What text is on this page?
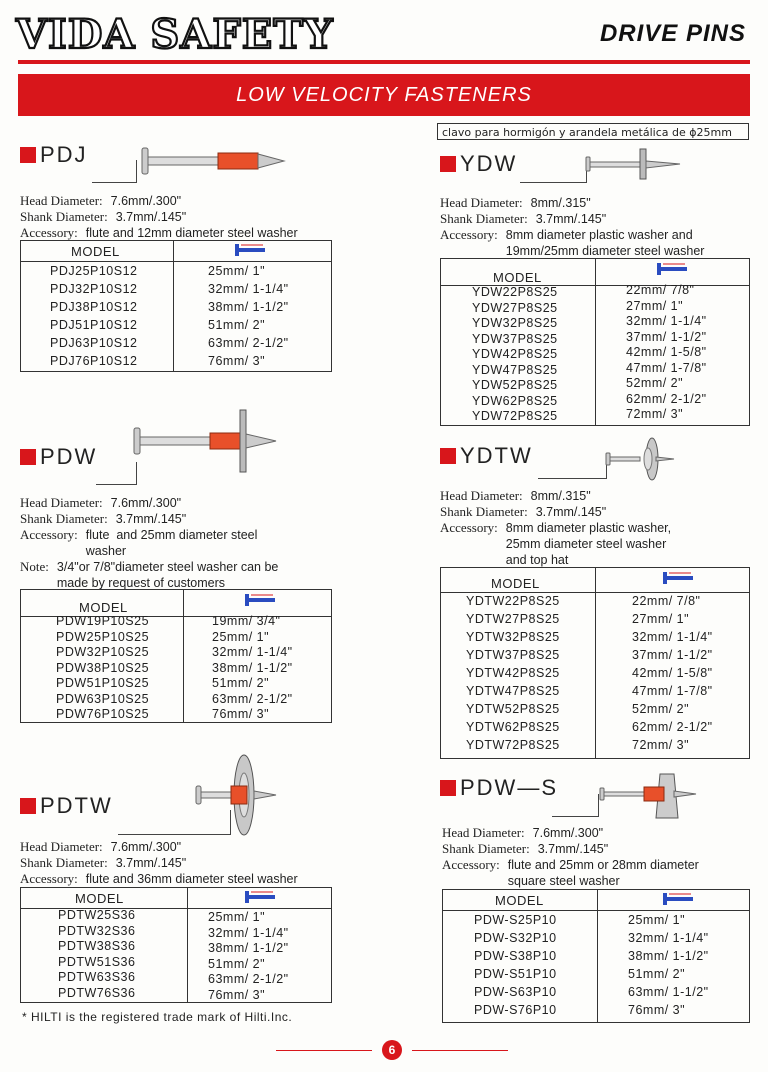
VIDA SAFETY	DRIVE PINS
LOW VELOCITY FASTENERS
clavo para hormigón y arandela metálica de ɸ25mm
PDJ
Head Diameter: 7.6mm/.300"
Shank Diameter: 3.7mm/.145"
Accessory: flute and 12mm diameter steel washer
MODEL
PDJ25P10S12
PDJ32P10S12
PDJ38P10S12
PDJ51P10S12
PDJ63P10S12
PDJ76P10S12
25mm/ 1"
32mm/ 1-1/4"
38mm/ 1-1/2"
51mm/ 2"
63mm/ 2-1/2"
76mm/ 3"
PDW
Head Diameter: 7.6mm/.300"
Shank Diameter: 3.7mm/.145"
Accessory: flute  and 25mm diameter steel
washer
Note: 3/4"or 7/8"diameter steel washer can be
made by request of customers
MODEL
PDW19P10S25
PDW25P10S25
PDW32P10S25
PDW38P10S25
PDW51P10S25
PDW63P10S25
PDW76P10S25
19mm/ 3/4"
25mm/ 1"
32mm/ 1-1/4"
38mm/ 1-1/2"
51mm/ 2"
63mm/ 2-1/2"
76mm/ 3"
PDTW
Head Diameter: 7.6mm/.300"
Shank Diameter: 3.7mm/.145"
Accessory: flute and 36mm diameter steel washer
MODEL
PDTW25S36
PDTW32S36
PDTW38S36
PDTW51S36
PDTW63S36
PDTW76S36
25mm/ 1"
32mm/ 1-1/4"
38mm/ 1-1/2"
51mm/ 2"
63mm/ 2-1/2"
76mm/ 3"
YDW
Head Diameter: 8mm/.315"
Shank Diameter: 3.7mm/.145"
Accessory: 8mm diameter plastic washer and
19mm/25mm diameter steel washer
MODEL
YDW22P8S25
YDW27P8S25
YDW32P8S25
YDW37P8S25
YDW42P8S25
YDW47P8S25
YDW52P8S25
YDW62P8S25
YDW72P8S25
22mm/ 7/8"
27mm/ 1"
32mm/ 1-1/4"
37mm/ 1-1/2"
42mm/ 1-5/8"
47mm/ 1-7/8"
52mm/ 2"
62mm/ 2-1/2"
72mm/ 3"
YDTW
Head Diameter: 8mm/.315"
Shank Diameter: 3.7mm/.145"
Accessory: 8mm diameter plastic washer,
25mm diameter steel washer
and top hat
MODEL
YDTW22P8S25
YDTW27P8S25
YDTW32P8S25
YDTW37P8S25
YDTW42P8S25
YDTW47P8S25
YDTW52P8S25
YDTW62P8S25
YDTW72P8S25
22mm/ 7/8"
27mm/ 1"
32mm/ 1-1/4"
37mm/ 1-1/2"
42mm/ 1-5/8"
47mm/ 1-7/8"
52mm/ 2"
62mm/ 2-1/2"
72mm/ 3"
PDW—S
Head Diameter: 7.6mm/.300"
Shank Diameter: 3.7mm/.145"
Accessory: flute and 25mm or 28mm diameter
square steel washer
MODEL
PDW-S25P10
PDW-S32P10
PDW-S38P10
PDW-S51P10
PDW-S63P10
PDW-S76P10
25mm/ 1"
32mm/ 1-1/4"
38mm/ 1-1/2"
51mm/ 2"
63mm/ 1-1/2"
76mm/ 3"
* HILTI is the registered trade mark of Hilti.Inc.
6
